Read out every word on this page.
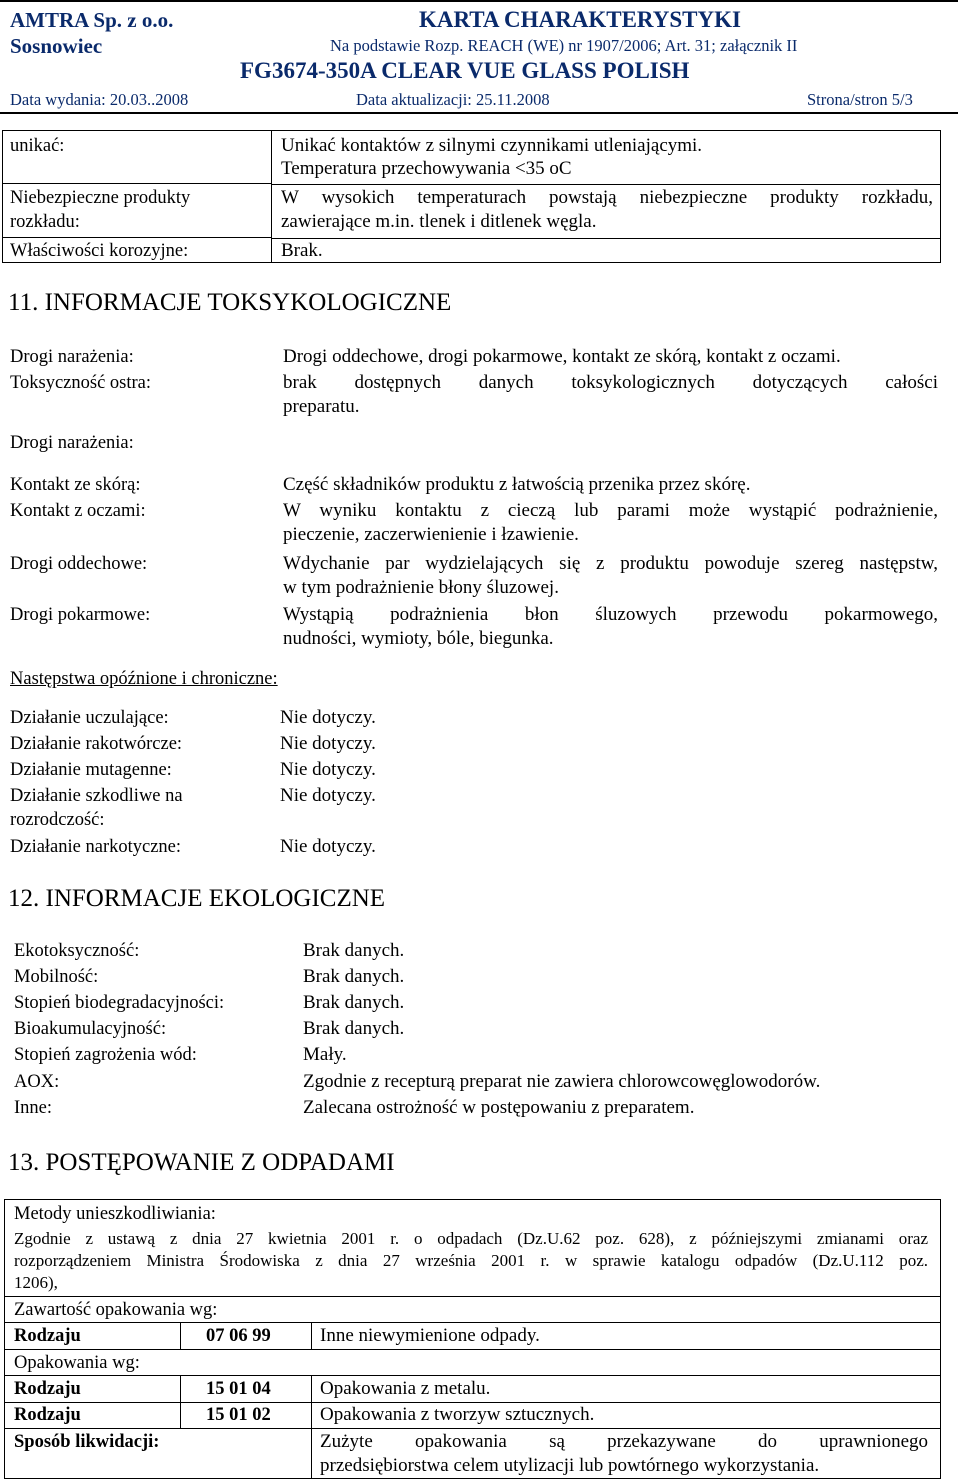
AMTRA Sp. z o.o.
Sosnowiec
KARTA CHARAKTERYSTYKI
Na podstawie Rozp. REACH (WE) nr 1907/2006; Art. 31; załącznik II
FG3674-350A CLEAR VUE GLASS POLISH
Data wydania: 20.03..2008	Data aktualizacji: 25.11.2008	Strona/stron 5/3
unikać:	Unikać kontaktów z silnymi czynnikami utleniającymi.
Temperatura przechowywania <35 oC
Niebezpieczne produkty
rozkładu:
W wysokich temperaturach powstają niebezpieczne produkty rozkładu,
zawierające m.in. tlenek i ditlenek węgla.
Właściwości korozyjne:	Brak.
11. INFORMACJE TOKSYKOLOGICZNE
Drogi narażenia:	Drogi oddechowe, drogi pokarmowe, kontakt ze skórą, kontakt z oczami.
Toksyczność ostra:	brak dostępnych danych toksykologicznych dotyczących całości
preparatu.
Drogi narażenia:
Kontakt ze skórą:	Część składników produktu z łatwością przenika przez skórę.
Kontakt z oczami:	W wyniku kontaktu z cieczą lub parami może wystąpić podrażnienie,
pieczenie, zaczerwienienie i łzawienie.
Drogi oddechowe:	Wdychanie par wydzielających się z produktu powoduje szereg następstw,
w tym podrażnienie błony śluzowej.
Drogi pokarmowe:	Wystąpią podrażnienia błon śluzowych przewodu pokarmowego,
nudności, wymioty, bóle, biegunka.
Następstwa opóźnione i chroniczne:
Działanie uczulające:	Nie dotyczy.
Działanie rakotwórcze:	Nie dotyczy.
Działanie mutagenne:	Nie dotyczy.
Działanie szkodliwe na
rozrodczość:
Nie dotyczy.
Działanie narkotyczne:	Nie dotyczy.
12. INFORMACJE EKOLOGICZNE
Ekotoksyczność:	Brak danych.
Mobilność:	Brak danych.
Stopień biodegradacyjności:	Brak danych.
Bioakumulacyjność:	Brak danych.
Stopień zagrożenia wód:	Mały.
AOX:	Zgodnie z recepturą preparat nie zawiera chlorowcowęglowodorów.
Inne:	Zalecana ostrożność w postępowaniu z preparatem.
13. POSTĘPOWANIE Z ODPADAMI
Metody unieszkodliwiania:
Zgodnie z ustawą z dnia 27 kwietnia 2001 r. o odpadach (Dz.U.62 poz. 628), z późniejszymi zmianami oraz
rozporządzeniem Ministra Środowiska z dnia 27 września 2001 r. w sprawie katalogu odpadów (Dz.U.112 poz.
1206),
Zawartość opakowania wg:
Rodzaju	07 06 99	Inne niewymienione odpady.
Opakowania wg:
Rodzaju	15 01 04	Opakowania z metalu.
Rodzaju	15 01 02	Opakowania z tworzyw sztucznych.
Sposób likwidacji:	Zużyte opakowania są przekazywane do uprawnionego
przedsiębiorstwa celem utylizacji lub powtórnego wykorzystania.
